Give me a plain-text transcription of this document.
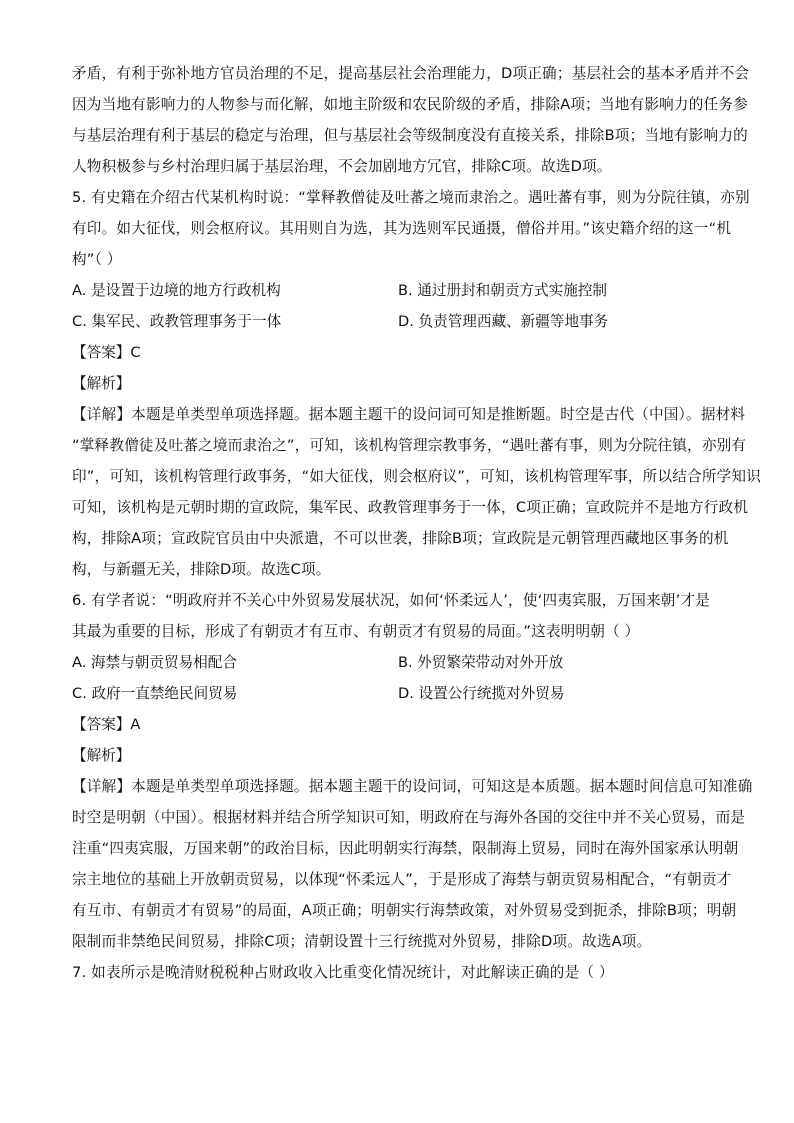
矛盾，有利于弥补地方官员治理的不足，提高基层社会治理能力，D项正确；基层社会的基本矛盾并不会
因为当地有影响力的人物参与而化解，如地主阶级和农民阶级的矛盾，排除A项；当地有影响力的任务参
与基层治理有利于基层的稳定与治理，但与基层社会等级制度没有直接关系，排除B项；当地有影响力的
人物积极参与乡村治理归属于基层治理，不会加剧地方冗官，排除C项。故选D项。
5. 有史籍在介绍古代某机构时说：“掌释教僧徒及吐蕃之境而隶治之。遇吐蕃有事，则为分院往镇，亦别
有印。如大征伐，则会枢府议。其用则自为选，其为选则军民通摄，僧俗并用。”该史籍介绍的这一“机
构”（ ）
A. 是设置于边境的地方行政机构	B. 通过册封和朝贡方式实施控制
C. 集军民、政教管理事务于一体	D. 负责管理西藏、新疆等地事务
【答案】C
【解析】
【详解】本题是单类型单项选择题。据本题主题干的设问词可知是推断题。时空是古代（中国）。据材料
“掌释教僧徒及吐蕃之境而隶治之”，可知，该机构管理宗教事务，“遇吐蕃有事，则为分院往镇，亦别有
印”，可知，该机构管理行政事务，“如大征伐，则会枢府议”，可知，该机构管理军事，所以结合所学知识
可知，该机构是元朝时期的宣政院，集军民、政教管理事务于一体，C项正确；宣政院并不是地方行政机
构，排除A项；宣政院官员由中央派遣，不可以世袭，排除B项；宣政院是元朝管理西藏地区事务的机
构，与新疆无关，排除D项。故选C项。
6. 有学者说：“明政府并不关心中外贸易发展状况，如何‘怀柔远人’，使‘四夷宾服，万国来朝’才是
其最为重要的目标，形成了有朝贡才有互市、有朝贡才有贸易的局面。”这表明明朝（ ）
A. 海禁与朝贡贸易相配合	B. 外贸繁荣带动对外开放
C. 政府一直禁绝民间贸易	D. 设置公行统揽对外贸易
【答案】A
【解析】
【详解】本题是单类型单项选择题。据本题主题干的设问词，可知这是本质题。据本题时间信息可知准确
时空是明朝（中国）。根据材料并结合所学知识可知，明政府在与海外各国的交往中并不关心贸易，而是
注重“四夷宾服，万国来朝”的政治目标，因此明朝实行海禁，限制海上贸易，同时在海外国家承认明朝
宗主地位的基础上开放朝贡贸易，以体现“怀柔远人”，于是形成了海禁与朝贡贸易相配合，“有朝贡才
有互市、有朝贡才有贸易”的局面，A项正确；明朝实行海禁政策，对外贸易受到扼杀，排除B项；明朝
限制而非禁绝民间贸易，排除C项；清朝设置十三行统揽对外贸易，排除D项。故选A项。
7. 如表所示是晚清财税税种占财政收入比重变化情况统计，对此解读正确的是（ ）
